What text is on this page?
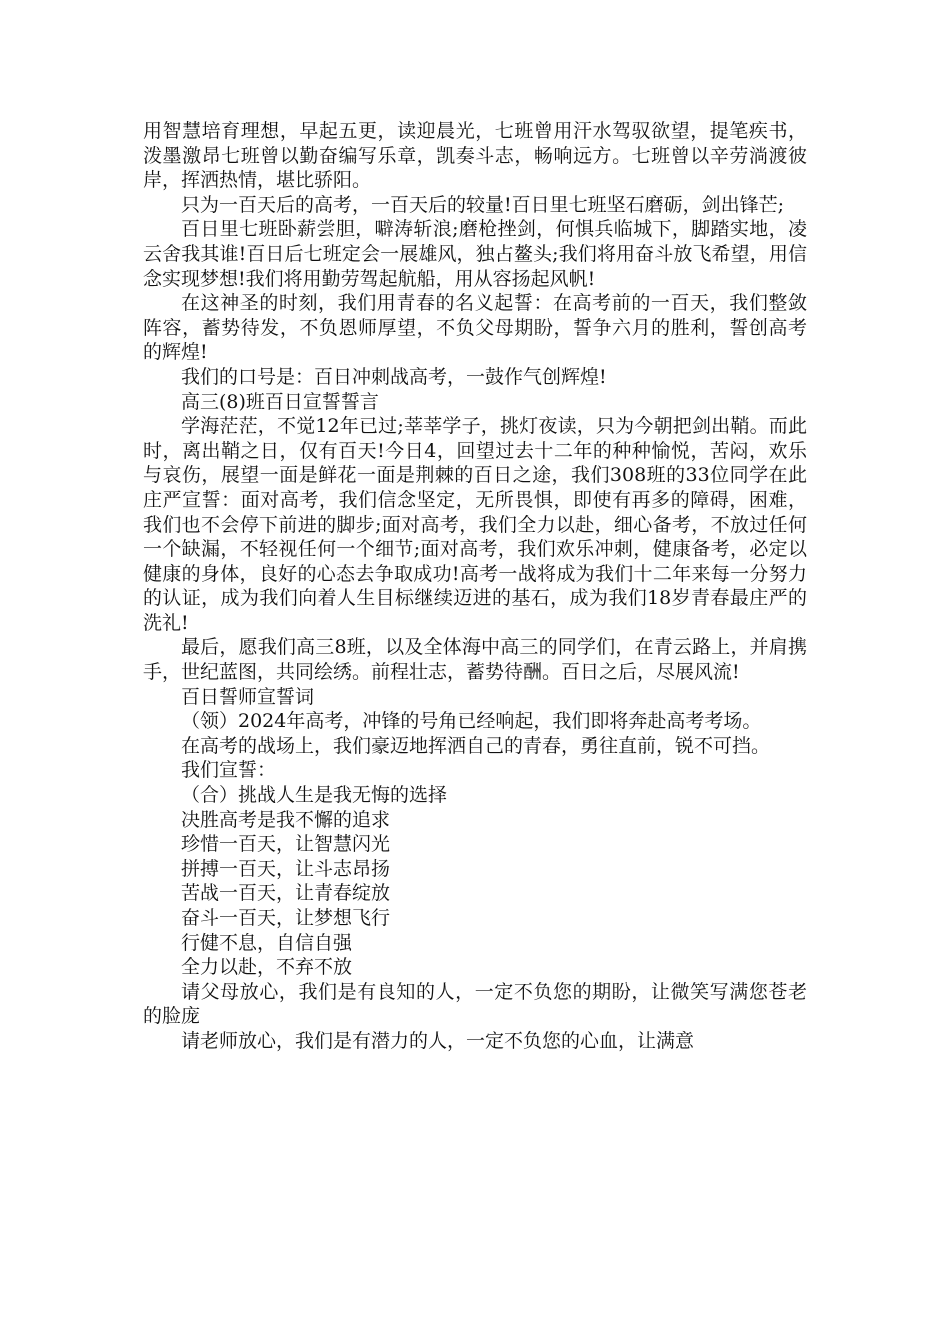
用智慧培育理想，早起五更，读迎晨光，七班曾用汗水驾驭欲望，提笔疾书，泼墨激昂七班曾以勤奋编写乐章，凯奏斗志，畅响远方。七班曾以辛劳淌渡彼岸，挥洒热情，堪比骄阳。

只为一百天后的高考，一百天后的较量!百日里七班坚石磨砺，剑出锋芒;

百日里七班卧薪尝胆，噼涛斩浪;磨枪挫剑，何惧兵临城下，脚踏实地，凌云舍我其谁!百日后七班定会一展雄风，独占鳌头;我们将用奋斗放飞希望，用信念实现梦想!我们将用勤劳驾起航船，用从容扬起风帆!

在这神圣的时刻，我们用青春的名义起誓：在高考前的一百天，我们整敛阵容，蓄势待发，不负恩师厚望，不负父母期盼，誓争六月的胜利，誓创高考的辉煌!

我们的口号是：百日冲刺战高考，一鼓作气创辉煌!

高三(8)班百日宣誓誓言

学海茫茫，不觉12年已过;莘莘学子，挑灯夜读，只为今朝把剑出鞘。而此时，离出鞘之日，仅有百天!今日4，回望过去十二年的种种愉悦，苦闷，欢乐与哀伤，展望一面是鲜花一面是荆棘的百日之途，我们308班的33位同学在此庄严宣誓：面对高考，我们信念坚定，无所畏惧，即使有再多的障碍，困难，我们也不会停下前进的脚步;面对高考，我们全力以赴，细心备考，不放过任何一个缺漏，不轻视任何一个细节;面对高考，我们欢乐冲刺，健康备考，必定以健康的身体，良好的心态去争取成功!高考一战将成为我们十二年来每一分努力的认证，成为我们向着人生目标继续迈进的基石，成为我们18岁青春最庄严的洗礼!

最后，愿我们高三8班，以及全体海中高三的同学们，在青云路上，并肩携手，世纪蓝图，共同绘绣。前程壮志，蓄势待酬。百日之后，尽展风流!

百日誓师宣誓词

（领）2024年高考，冲锋的号角已经响起，我们即将奔赴高考考场。

在高考的战场上，我们豪迈地挥洒自己的青春，勇往直前，锐不可挡。

我们宣誓：

（合）挑战人生是我无悔的选择

决胜高考是我不懈的追求

珍惜一百天，让智慧闪光

拼搏一百天，让斗志昂扬

苦战一百天，让青春绽放

奋斗一百天，让梦想飞行

行健不息，自信自强

全力以赴，不弃不放

请父母放心，我们是有良知的人，一定不负您的期盼，让微笑写满您苍老的脸庞

请老师放心，我们是有潜力的人，一定不负您的心血，让满意
